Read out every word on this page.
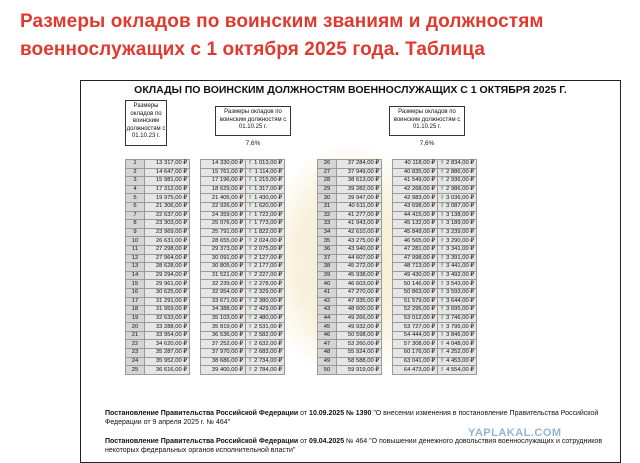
Размеры окладов по воинским званиям и должностям военнослужащих с 1 октября 2025 года. Таблица
ОКЛАДЫ ПО ВОИНСКИМ ДОЛЖНОСТЯМ ВОЕННОСЛУЖАЩИХ С 1 ОКТЯБРЯ 2025 Г.
Размеры окладов по воинским должностям с 01.10.23 г.
Размеры окладов по воинским должностям с 01.10.25 г.
7,6%
Размеры окладов по воинским должностям с 01.10.25 г.
7,6%
1	13 317,00 ₽		14 330,00 ₽	⇑ 1 013,00 ₽
2	14 647,00 ₽		15 761,00 ₽	⇑ 1 114,00 ₽
3	15 981,00 ₽		17 196,00 ₽	⇑ 1 215,00 ₽
4	17 312,00 ₽		18 629,00 ₽	⇑ 1 317,00 ₽
5	19 975,00 ₽		21 405,00 ₽	⇑ 1 430,00 ₽
6	21 306,00 ₽		22 926,00 ₽	⇑ 1 620,00 ₽
7	22 637,00 ₽		24 359,00 ₽	⇑ 1 722,00 ₽
8	23 303,00 ₽		25 076,00 ₽	⇑ 1 773,00 ₽
9	23 969,00 ₽		25 791,00 ₽	⇑ 1 822,00 ₽
10	26 631,00 ₽		28 655,00 ₽	⇑ 2 024,00 ₽
11	27 298,00 ₽		29 373,00 ₽	⇑ 2 075,00 ₽
12	27 964,00 ₽		30 091,00 ₽	⇑ 2 127,00 ₽
13	28 628,00 ₽		30 805,00 ₽	⇑ 2 177,00 ₽
14	29 294,00 ₽		31 521,00 ₽	⇑ 2 227,00 ₽
15	29 961,00 ₽		32 239,00 ₽	⇑ 2 278,00 ₽
16	30 625,00 ₽		32 954,00 ₽	⇑ 2 329,00 ₽
17	31 291,00 ₽		33 671,00 ₽	⇑ 2 380,00 ₽
18	31 959,00 ₽		34 388,00 ₽	⇑ 2 429,00 ₽
19	32 633,00 ₽		35 103,00 ₽	⇑ 2 480,00 ₽
20	33 288,00 ₽		35 819,00 ₽	⇑ 2 531,00 ₽
21	33 954,00 ₽		36 536,00 ₽	⇑ 2 582,00 ₽
22	34 620,00 ₽		37 252,00 ₽	⇑ 2 632,00 ₽
23	35 287,00 ₽		37 970,00 ₽	⇑ 2 683,00 ₽
24	35 952,00 ₽		38 686,00 ₽	⇑ 2 734,00 ₽
25	36 616,00 ₽		39 400,00 ₽	⇑ 2 784,00 ₽
26	37 284,00 ₽		40 118,00 ₽	⇑ 2 834,00 ₽
27	37 949,00 ₽		40 835,00 ₽	⇑ 2 886,00 ₽
28	38 613,00 ₽		41 549,00 ₽	⇑ 2 936,00 ₽
29	39 282,00 ₽		42 268,00 ₽	⇑ 2 986,00 ₽
30	39 947,00 ₽		42 983,00 ₽	⇑ 3 036,00 ₽
31	40 611,00 ₽		43 698,00 ₽	⇑ 3 087,00 ₽
32	41 277,00 ₽		44 415,00 ₽	⇑ 3 138,00 ₽
33	41 943,00 ₽		45 132,00 ₽	⇑ 3 189,00 ₽
34	42 610,00 ₽		45 849,00 ₽	⇑ 3 239,00 ₽
35	43 275,00 ₽		46 565,00 ₽	⇑ 3 290,00 ₽
36	43 940,00 ₽		47 281,00 ₽	⇑ 3 341,00 ₽
37	44 607,00 ₽		47 998,00 ₽	⇑ 3 391,00 ₽
38	45 272,00 ₽		48 713,00 ₽	⇑ 3 441,00 ₽
39	45 938,00 ₽		49 430,00 ₽	⇑ 3 492,00 ₽
40	46 603,00 ₽		50 146,00 ₽	⇑ 3 543,00 ₽
41	47 270,00 ₽		50 863,00 ₽	⇑ 3 593,00 ₽
42	47 935,00 ₽		51 579,00 ₽	⇑ 3 644,00 ₽
43	48 600,00 ₽		52 295,00 ₽	⇑ 3 695,00 ₽
44	49 266,00 ₽		53 012,00 ₽	⇑ 3 746,00 ₽
45	49 932,00 ₽		53 727,00 ₽	⇑ 3 795,00 ₽
46	50 598,00 ₽		54 444,00 ₽	⇑ 3 846,00 ₽
47	53 260,00 ₽		57 308,00 ₽	⇑ 4 048,00 ₽
48	55 924,00 ₽		60 176,00 ₽	⇑ 4 252,00 ₽
49	58 588,00 ₽		63 041,00 ₽	⇑ 4 453,00 ₽
50	59 919,00 ₽		64 473,00 ₽	⇑ 4 554,00 ₽
Постановление Правительства Российской Федерации от 10.09.2025 № 1390 "О внесении изменения в постановление Правительства Российской Федерации от 9 апреля 2025 г. № 464"
Постановление Правительства Российской Федерации от 09.04.2025 № 464 "О повышении денежного довольствия военнослужащих и сотрудников некоторых федеральных органов исполнительной власти"
YAPLAKAL.COM
